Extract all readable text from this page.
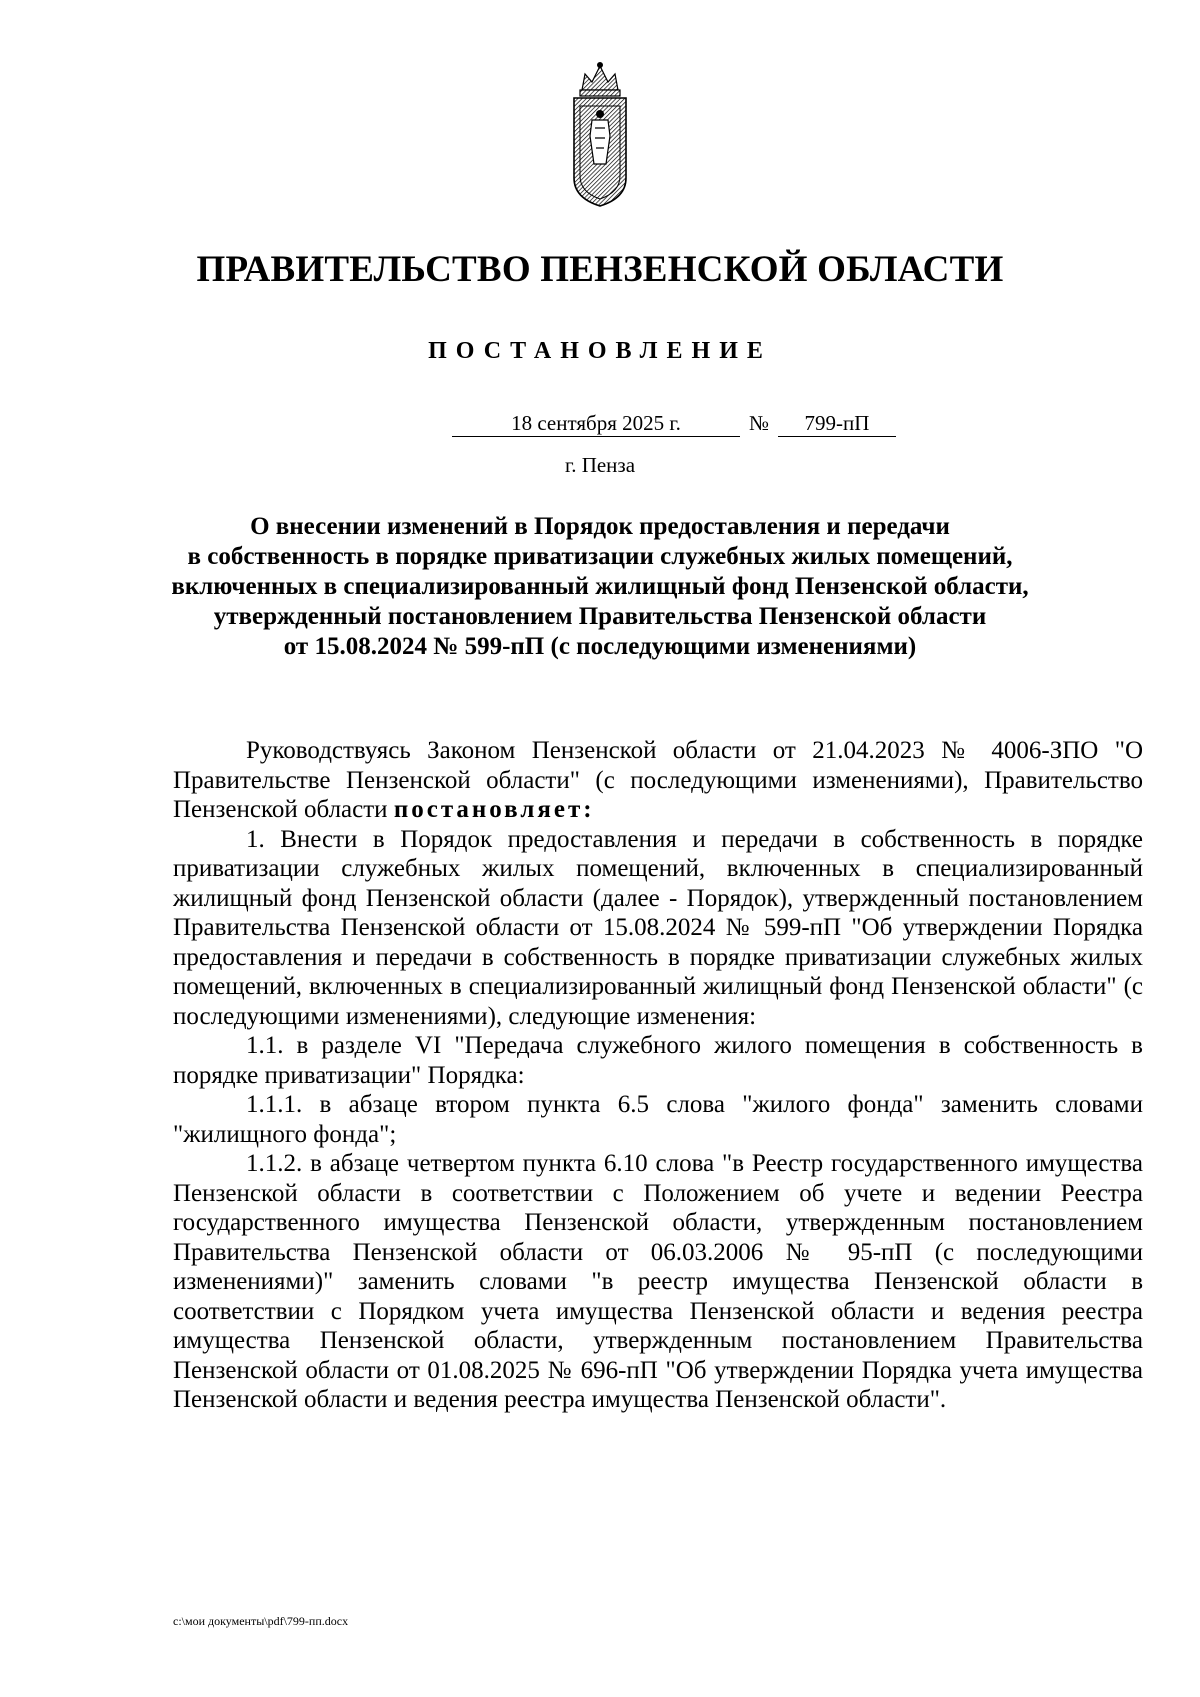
ПРАВИТЕЛЬСТВО ПЕНЗЕНСКОЙ ОБЛАСТИ
ПОСТАНОВЛЕНИЕ
18 сентября 2025 г.	№	799-пП
г. Пенза
О внесении изменений в Порядок предоставления и передачи
в собственность в порядке приватизации служебных жилых помещений,
включенных в специализированный жилищный фонд Пензенской области,
утвержденный постановлением Правительства Пензенской области
от 15.08.2024 № 599-пП (с последующими изменениями)

Руководствуясь Законом Пензенской области от 21.04.2023 № 4006-ЗПО "О Правительстве Пензенской области" (с последующими изменениями), Правительство Пензенской области постановляет:

1. Внести в Порядок предоставления и передачи в собственность в порядке приватизации служебных жилых помещений, включенных в специализированный жилищный фонд Пензенской области (далее - Порядок), утвержденный постановлением Правительства Пензенской области от 15.08.2024 № 599-пП "Об утверждении Порядка предоставления и передачи в собственность в порядке приватизации служебных жилых помещений, включенных в специализированный жилищный фонд Пензенской области" (с последующими изменениями), следующие изменения:

1.1. в разделе VI "Передача служебного жилого помещения в собственность в порядке приватизации" Порядка:

1.1.1. в абзаце втором пункта 6.5 слова "жилого фонда" заменить словами "жилищного фонда";

1.1.2. в абзаце четвертом пункта 6.10 слова "в Реестр государственного имущества Пензенской области в соответствии с Положением об учете и ведении Реестра государственного имущества Пензенской области, утвержденным постановлением Правительства Пензенской области от 06.03.2006 № 95-пП (с последующими изменениями)" заменить словами "в реестр имущества Пензенской области в соответствии с Порядком учета имущества Пензенской области и ведения реестра имущества Пензенской области, утвержденным постановлением Правительства Пензенской области от 01.08.2025 № 696-пП "Об утверждении Порядка учета имущества Пензенской области и ведения реестра имущества Пензенской области".

c:\мои документы\pdf\799-пп.docx
